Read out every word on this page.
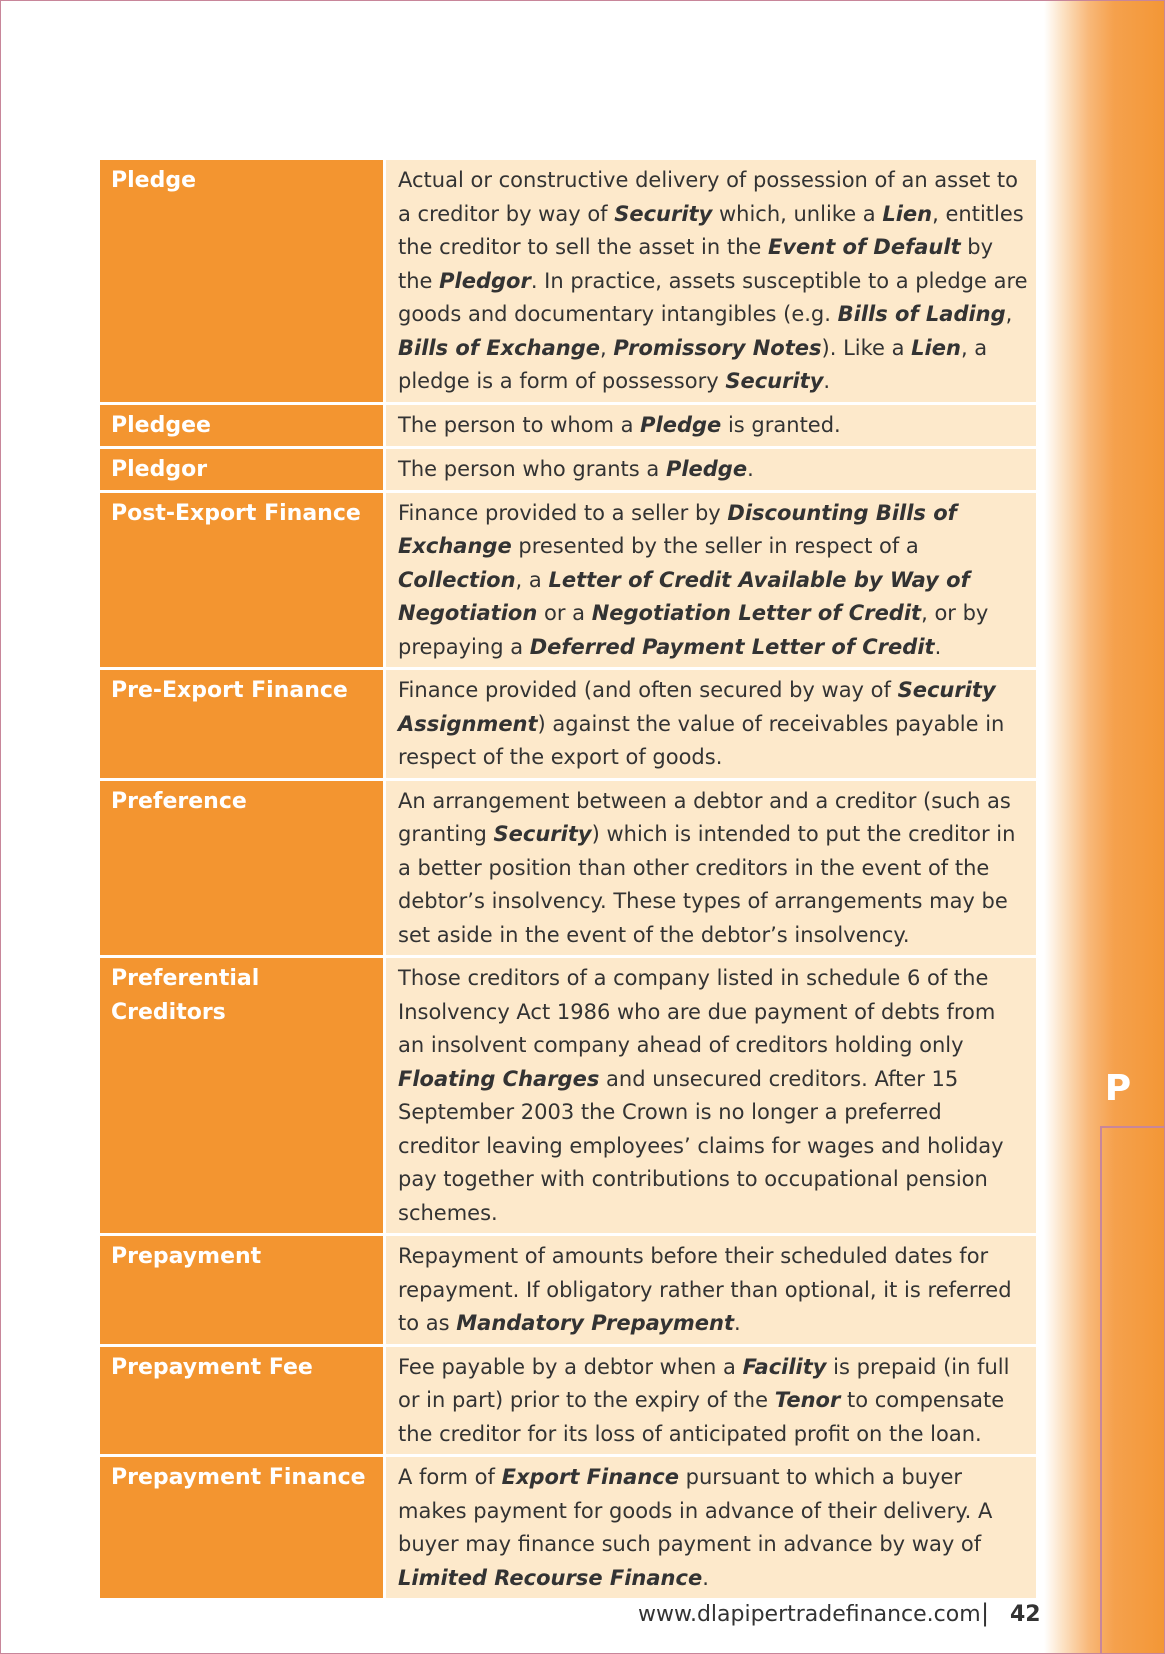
P
Pledge	Actual or constructive delivery of possession of an asset to a creditor by way of Security which, unlike a Lien, entitles the creditor to sell the asset in the Event of Default by the Pledgor. In practice, assets susceptible to a pledge are goods and documentary intangibles (e.g. Bills of Lading, Bills of Exchange, Promissory Notes). Like a Lien, a pledge is a form of possessory Security.
Pledgee	The person to whom a Pledge is granted.
Pledgor	The person who grants a Pledge.
Post-Export Finance	Finance provided to a seller by Discounting Bills of Exchange presented by the seller in respect of a Collection, a Letter of Credit Available by Way of Negotiation or a Negotiation Letter of Credit, or by prepaying a Deferred Payment Letter of Credit.
Pre-Export Finance	Finance provided (and often secured by way of Security Assignment) against the value of receivables payable in respect of the export of goods.
Preference	An arrangement between a debtor and a creditor (such as granting Security) which is intended to put the creditor in a better position than other creditors in the event of the debtor’s insolvency. These types of arrangements may be set aside in the event of the debtor’s insolvency.
Preferential Creditors	Those creditors of a company listed in schedule 6 of the Insolvency Act 1986 who are due payment of debts from an insolvent company ahead of creditors holding only Floating Charges and unsecured creditors. After 15 September 2003 the Crown is no longer a preferred creditor leaving employees’ claims for wages and holiday pay together with contributions to occupational pension schemes.
Prepayment	Repayment of amounts before their scheduled dates for repayment. If obligatory rather than optional, it is referred to as Mandatory Prepayment.
Prepayment Fee	Fee payable by a debtor when a Facility is prepaid (in full or in part) prior to the expiry of the Tenor to compensate the creditor for its loss of anticipated profit on the loan.
Prepayment Finance	A form of Export Finance pursuant to which a buyer makes payment for goods in advance of their delivery. A buyer may finance such payment in advance by way of Limited Recourse Finance.
www.dlapipertradefinance.com | 42
